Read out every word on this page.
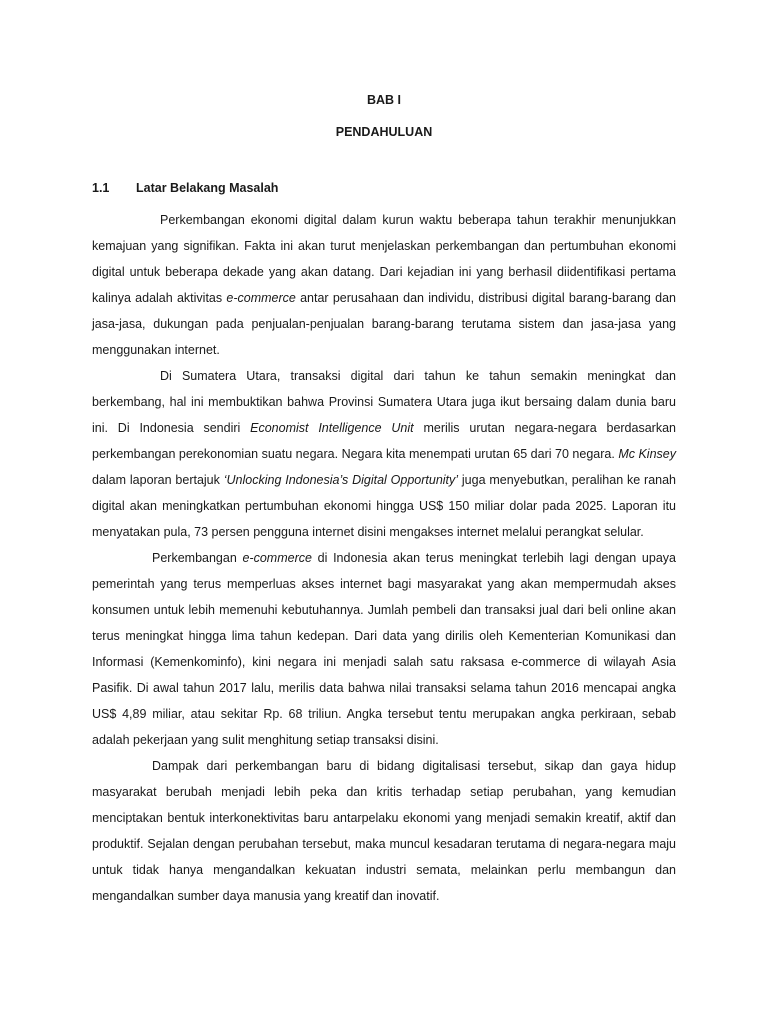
BAB I

PENDAHULUAN

1.1	Latar Belakang Masalah

Perkembangan ekonomi digital dalam kurun waktu beberapa tahun terakhir menunjukkan kemajuan yang signifikan. Fakta ini akan turut menjelaskan perkembangan dan pertumbuhan ekonomi digital untuk beberapa dekade yang akan datang. Dari kejadian ini yang berhasil diidentifikasi pertama kalinya adalah aktivitas e-commerce antar perusahaan dan individu, distribusi digital barang-barang dan jasa-jasa, dukungan pada penjualan-penjualan barang-barang terutama sistem dan jasa-jasa yang menggunakan internet.

Di Sumatera Utara, transaksi digital dari tahun ke tahun semakin meningkat dan berkembang, hal ini membuktikan bahwa Provinsi Sumatera Utara juga ikut bersaing dalam dunia baru ini. Di Indonesia sendiri Economist Intelligence Unit merilis urutan negara-negara berdasarkan perkembangan perekonomian suatu negara. Negara kita menempati urutan 65 dari 70 negara. Mc Kinsey dalam laporan bertajuk ‘Unlocking Indonesia’s Digital Opportunity’ juga menyebutkan, peralihan ke ranah digital akan meningkatkan pertumbuhan ekonomi hingga US$ 150 miliar dolar pada 2025. Laporan itu menyatakan pula, 73 persen pengguna internet disini mengakses internet melalui perangkat selular.

Perkembangan e-commerce di Indonesia akan terus meningkat terlebih lagi dengan upaya pemerintah yang terus memperluas akses internet bagi masyarakat yang akan mempermudah akses konsumen untuk lebih memenuhi kebutuhannya. Jumlah pembeli dan transaksi jual dari beli online akan terus meningkat hingga lima tahun kedepan. Dari data yang dirilis oleh Kementerian Komunikasi dan Informasi (Kemenkominfo), kini negara ini menjadi salah satu raksasa e-commerce di wilayah Asia Pasifik. Di awal tahun 2017 lalu, merilis data bahwa nilai transaksi selama tahun 2016 mencapai angka US$ 4,89 miliar, atau sekitar Rp. 68 triliun. Angka tersebut tentu merupakan angka perkiraan, sebab adalah pekerjaan yang sulit menghitung setiap transaksi disini.

Dampak dari perkembangan baru di bidang digitalisasi tersebut, sikap dan gaya hidup masyarakat berubah menjadi lebih peka dan kritis terhadap setiap perubahan, yang kemudian menciptakan bentuk interkonektivitas baru antarpelaku ekonomi yang menjadi semakin kreatif, aktif dan produktif. Sejalan dengan perubahan tersebut, maka muncul kesadaran terutama di negara-negara maju untuk tidak hanya mengandalkan kekuatan industri semata, melainkan perlu membangun dan mengandalkan sumber daya manusia yang kreatif dan inovatif.
